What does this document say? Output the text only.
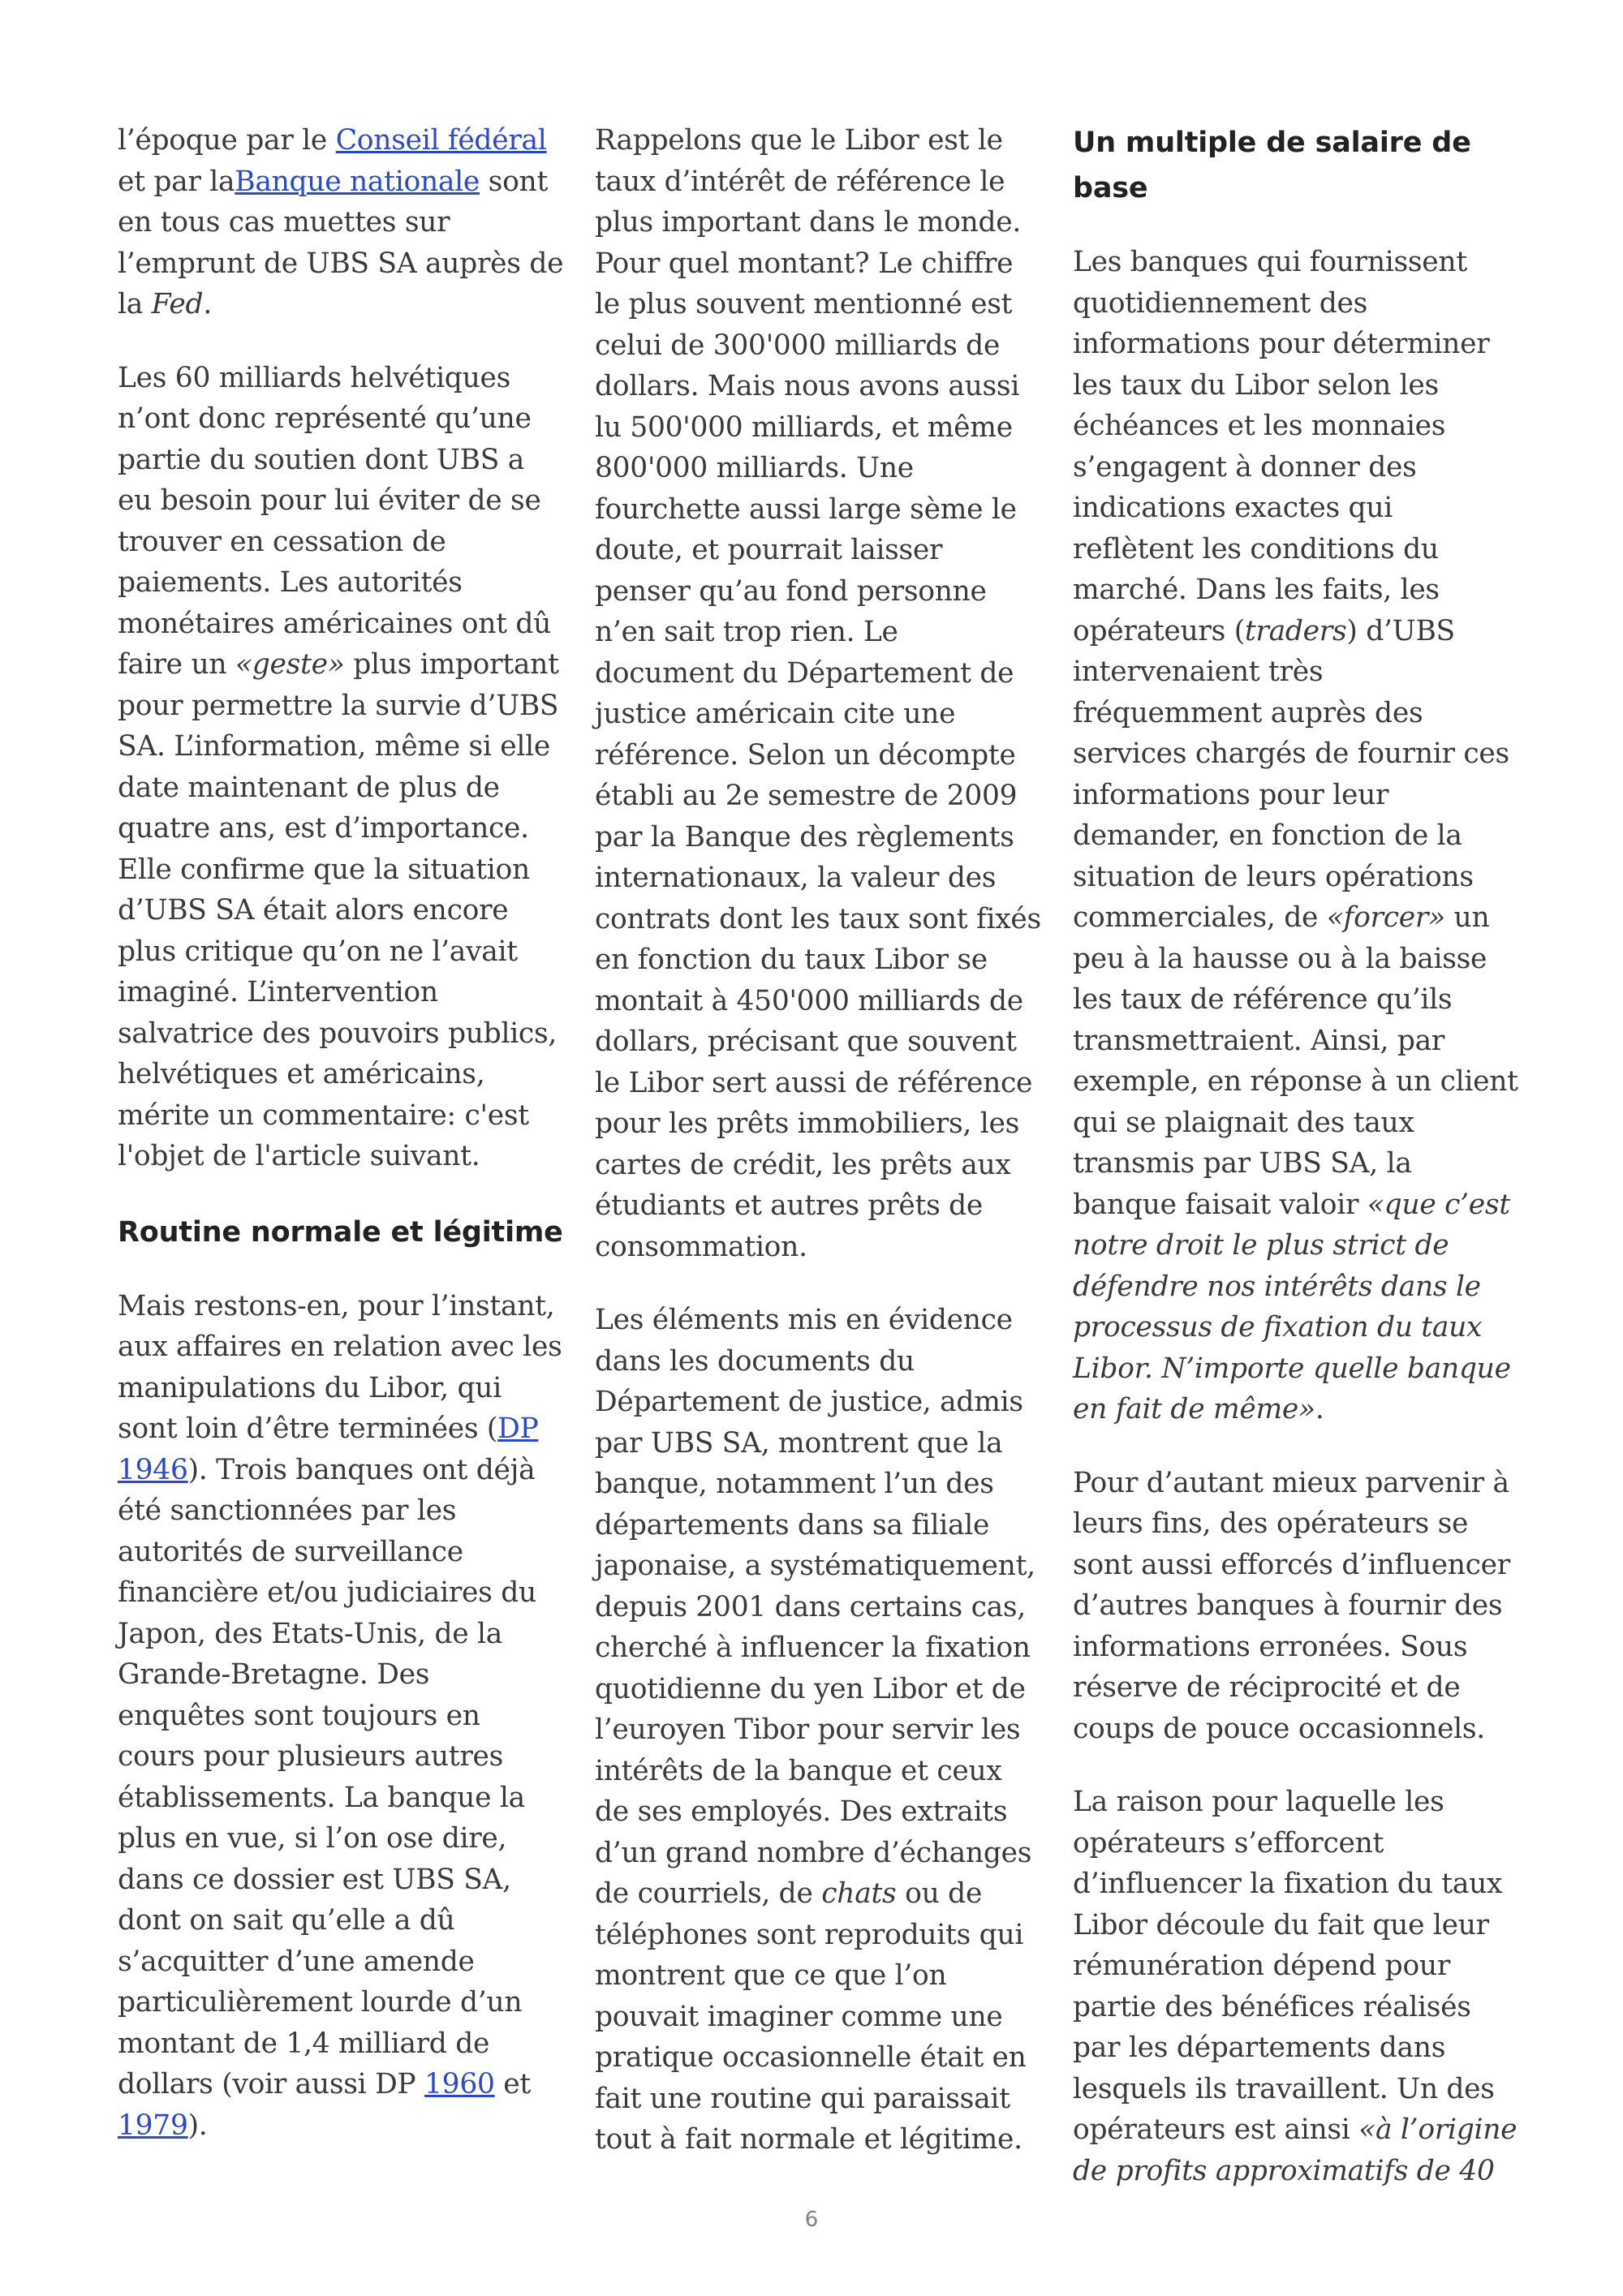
l’époque par le Conseil fédéral
et par laBanque nationale sont
en tous cas muettes sur
l’emprunt de UBS SA auprès de
la Fed.
Les 60 milliards helvétiques
n’ont donc représenté qu’une
partie du soutien dont UBS a
eu besoin pour lui éviter de se
trouver en cessation de
paiements. Les autorités
monétaires américaines ont dû
faire un «geste» plus important
pour permettre la survie d’UBS
SA. L’information, même si elle
date maintenant de plus de
quatre ans, est d’importance.
Elle confirme que la situation
d’UBS SA était alors encore
plus critique qu’on ne l’avait
imaginé. L’intervention
salvatrice des pouvoirs publics,
helvétiques et américains,
mérite un commentaire: c'est
l'objet de l'article suivant.
Routine normale et légitime
Mais restons-en, pour l’instant,
aux affaires en relation avec les
manipulations du Libor, qui
sont loin d’être terminées (DP
1946). Trois banques ont déjà
été sanctionnées par les
autorités de surveillance
financière et/ou judiciaires du
Japon, des Etats-Unis, de la
Grande-Bretagne. Des
enquêtes sont toujours en
cours pour plusieurs autres
établissements. La banque la
plus en vue, si l’on ose dire,
dans ce dossier est UBS SA,
dont on sait qu’elle a dû
s’acquitter d’une amende
particulièrement lourde d’un
montant de 1,4 milliard de
dollars (voir aussi DP 1960 et
1979).
Rappelons que le Libor est le
taux d’intérêt de référence le
plus important dans le monde.
Pour quel montant? Le chiffre
le plus souvent mentionné est
celui de 300'000 milliards de
dollars. Mais nous avons aussi
lu 500'000 milliards, et même
800'000 milliards. Une
fourchette aussi large sème le
doute, et pourrait laisser
penser qu’au fond personne
n’en sait trop rien. Le
document du Département de
justice américain cite une
référence. Selon un décompte
établi au 2e semestre de 2009
par la Banque des règlements
internationaux, la valeur des
contrats dont les taux sont fixés
en fonction du taux Libor se
montait à 450'000 milliards de
dollars, précisant que souvent
le Libor sert aussi de référence
pour les prêts immobiliers, les
cartes de crédit, les prêts aux
étudiants et autres prêts de
consommation.
Les éléments mis en évidence
dans les documents du
Département de justice, admis
par UBS SA, montrent que la
banque, notamment l’un des
départements dans sa filiale
japonaise, a systématiquement,
depuis 2001 dans certains cas,
cherché à influencer la fixation
quotidienne du yen Libor et de
l’euroyen Tibor pour servir les
intérêts de la banque et ceux
de ses employés. Des extraits
d’un grand nombre d’échanges
de courriels, de chats ou de
téléphones sont reproduits qui
montrent que ce que l’on
pouvait imaginer comme une
pratique occasionnelle était en
fait une routine qui paraissait
tout à fait normale et légitime.
Un multiple de salaire de
base
Les banques qui fournissent
quotidiennement des
informations pour déterminer
les taux du Libor selon les
échéances et les monnaies
s’engagent à donner des
indications exactes qui
reflètent les conditions du
marché. Dans les faits, les
opérateurs (traders) d’UBS
intervenaient très
fréquemment auprès des
services chargés de fournir ces
informations pour leur
demander, en fonction de la
situation de leurs opérations
commerciales, de «forcer» un
peu à la hausse ou à la baisse
les taux de référence qu’ils
transmettraient. Ainsi, par
exemple, en réponse à un client
qui se plaignait des taux
transmis par UBS SA, la
banque faisait valoir «que c’est
notre droit le plus strict de
défendre nos intérêts dans le
processus de fixation du taux
Libor. N’importe quelle banque
en fait de même».
Pour d’autant mieux parvenir à
leurs fins, des opérateurs se
sont aussi efforcés d’influencer
d’autres banques à fournir des
informations erronées. Sous
réserve de réciprocité et de
coups de pouce occasionnels.
La raison pour laquelle les
opérateurs s’efforcent
d’influencer la fixation du taux
Libor découle du fait que leur
rémunération dépend pour
partie des bénéfices réalisés
par les départements dans
lesquels ils travaillent. Un des
opérateurs est ainsi «à l’origine
de profits approximatifs de 40
6
